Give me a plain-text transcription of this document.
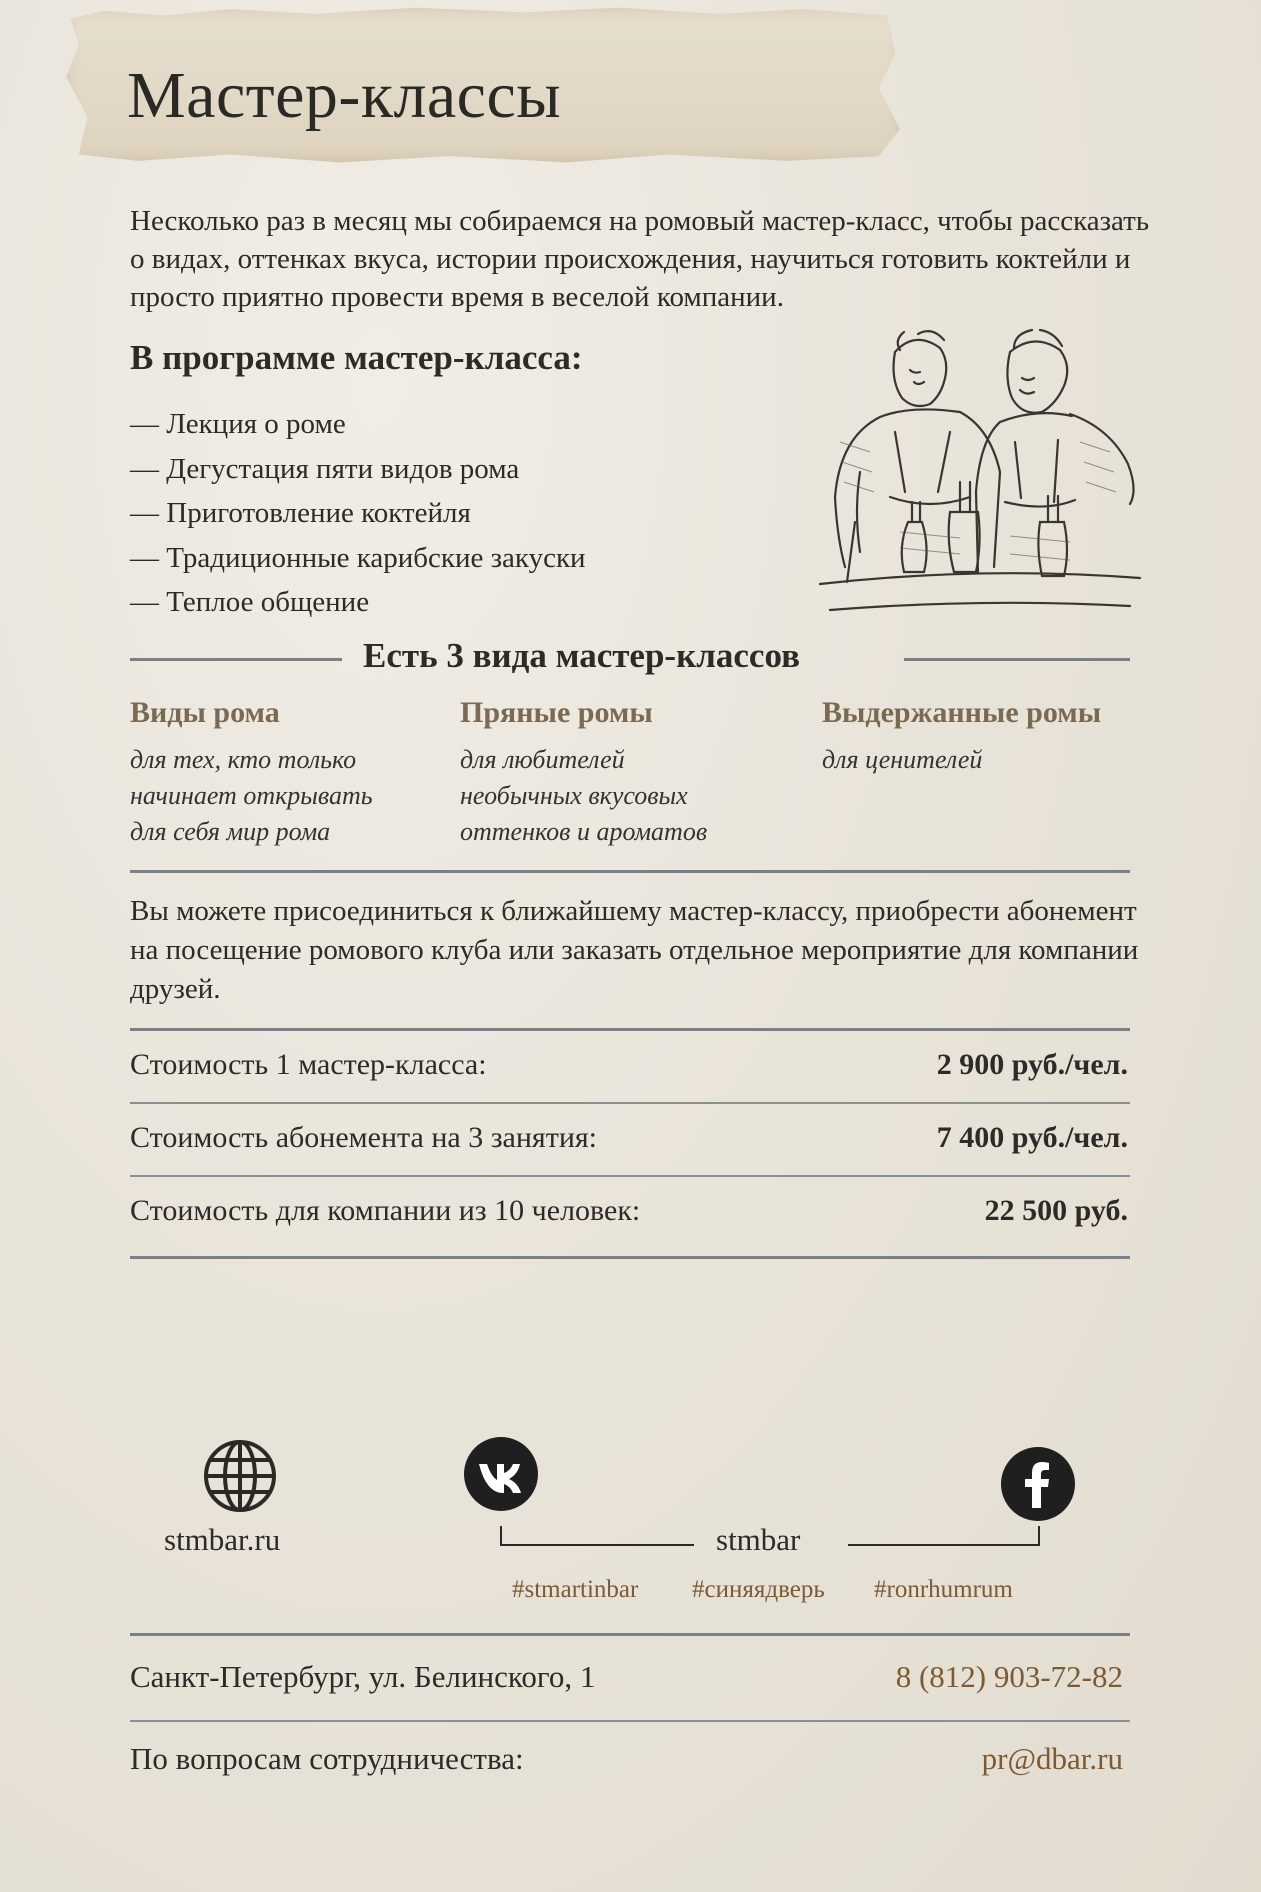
Мастер-классы
Несколько раз в месяц мы собираемся на ромовый мастер-класс, чтобы рассказать о видах, оттенках вкуса, истории происхождения, научиться готовить коктейли и просто приятно провести время в веселой компании.
В программе мастер-класса:
— Лекция о роме
— Дегустация пяти видов рома
— Приготовление коктейля
— Традиционные карибские закуски
— Теплое общение
Есть 3 вида мастер-классов
Виды рома
для тех, кто только
начинает открывать
для себя мир рома
Пряные ромы
для любителей
необычных вкусовых
оттенков и ароматов
Выдержанные ромы
для ценителей
Вы можете присоединиться к ближайшему мастер-классу, приобрести абонемент на посещение ромового клуба или заказать отдельное мероприятие для компании друзей.
Стоимость 1 мастер-класса:	2 900 руб./чел.
Стоимость абонемента на 3 занятия:	7 400 руб./чел.
Стоимость для компании из 10 человек:	22 500 руб.
stmbar.ru	stmbar
#stmartinbar #синяядверь #ronrhumrum
Санкт-Петербург, ул. Белинского, 1	8 (812) 903-72-82
По вопросам сотрудничества:	pr@dbar.ru
